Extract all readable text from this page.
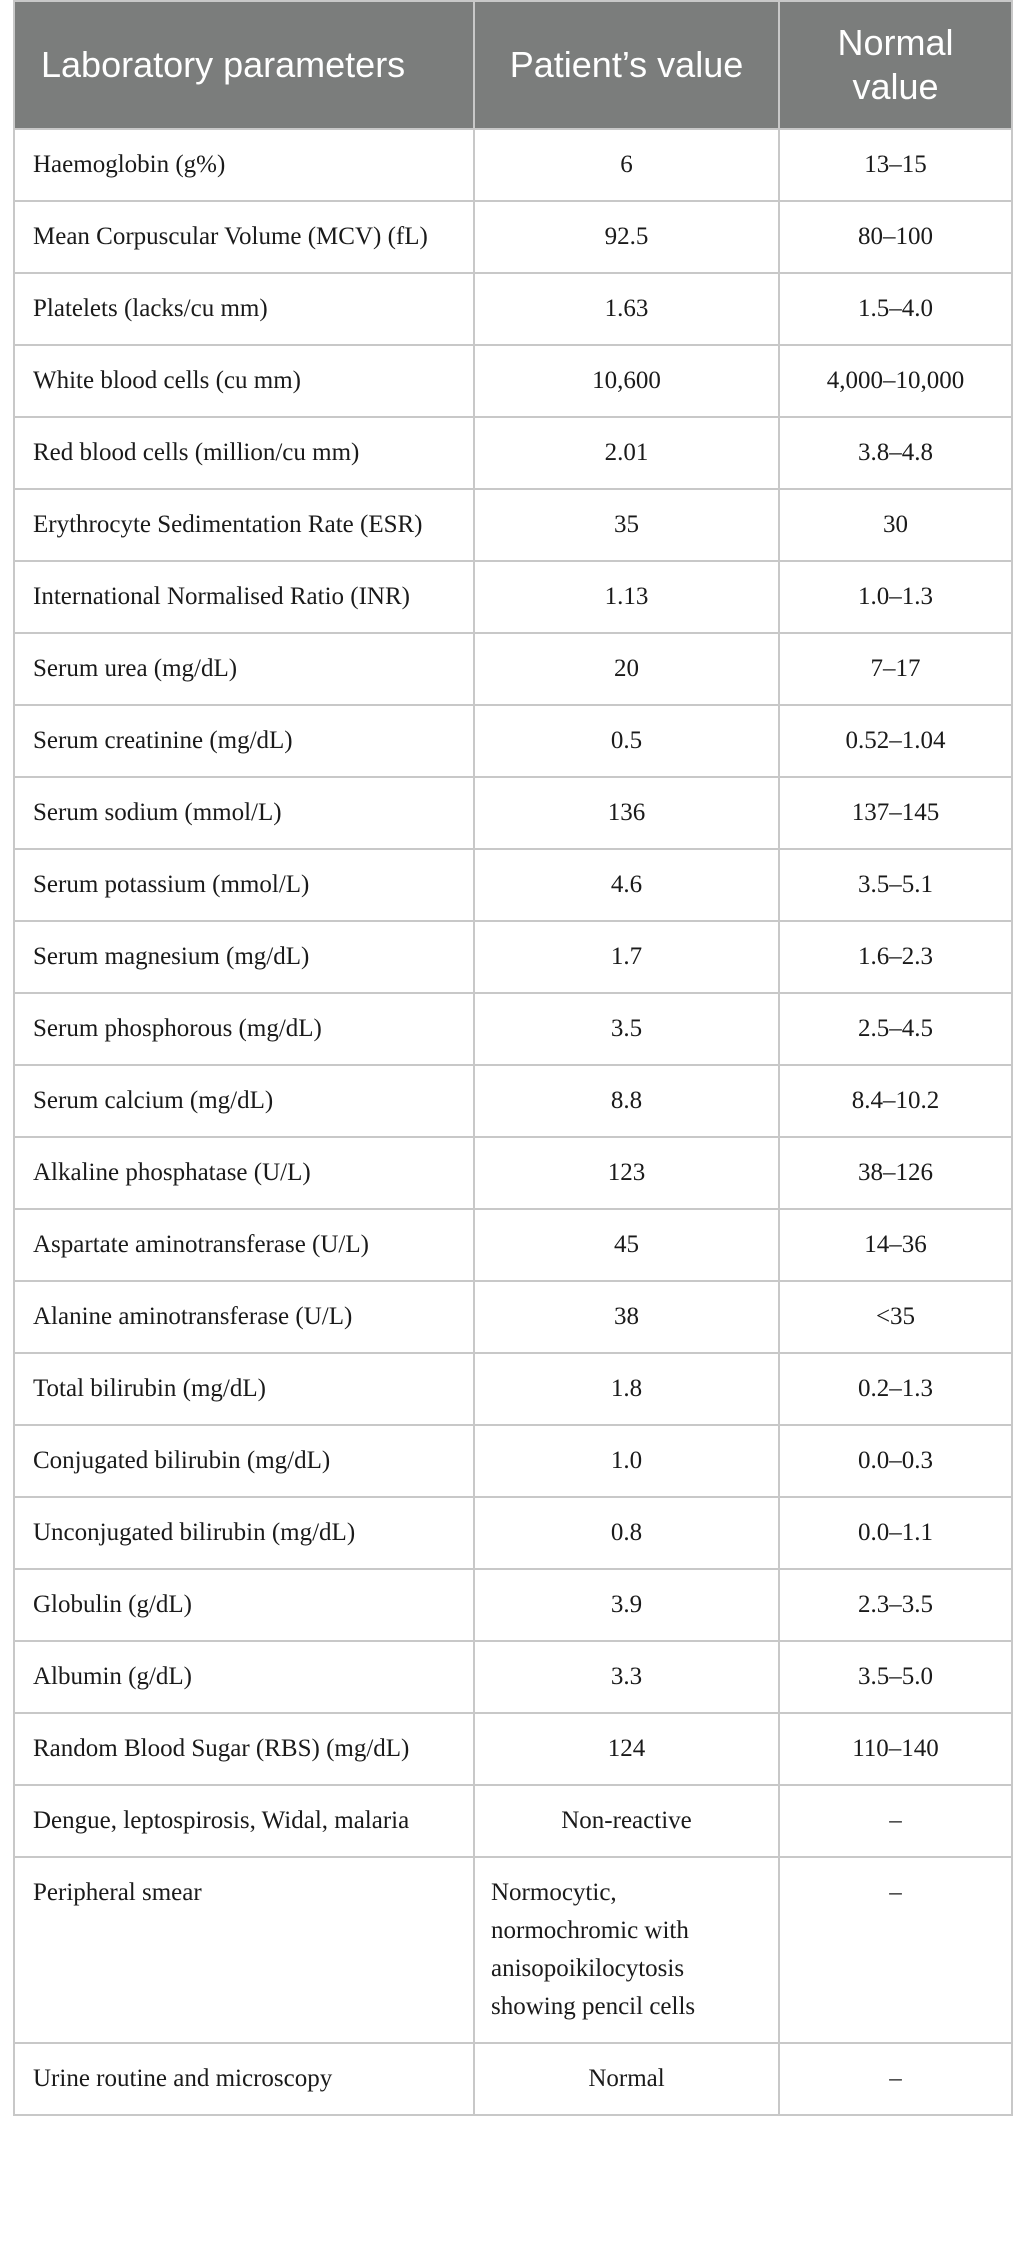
Laboratory parameters	Patient’s value	Normal value
Haemoglobin (g%)	6	13–15
Mean Corpuscular Volume (MCV) (fL)	92.5	80–100
Platelets (lacks/cu mm)	1.63	1.5–4.0
White blood cells (cu mm)	10,600	4,000–10,000
Red blood cells (million/cu mm)	2.01	3.8–4.8
Erythrocyte Sedimentation Rate (ESR)	35	30
International Normalised Ratio (INR)	1.13	1.0–1.3
Serum urea (mg/dL)	20	7–17
Serum creatinine (mg/dL)	0.5	0.52–1.04
Serum sodium (mmol/L)	136	137–145
Serum potassium (mmol/L)	4.6	3.5–5.1
Serum magnesium (mg/dL)	1.7	1.6–2.3
Serum phosphorous (mg/dL)	3.5	2.5–4.5
Serum calcium (mg/dL)	8.8	8.4–10.2
Alkaline phosphatase (U/L)	123	38–126
Aspartate aminotransferase (U/L)	45	14–36
Alanine aminotransferase (U/L)	38	<35
Total bilirubin (mg/dL)	1.8	0.2–1.3
Conjugated bilirubin (mg/dL)	1.0	0.0–0.3
Unconjugated bilirubin (mg/dL)	0.8	0.0–1.1
Globulin (g/dL)	3.9	2.3–3.5
Albumin (g/dL)	3.3	3.5–5.0
Random Blood Sugar (RBS) (mg/dL)	124	110–140
Dengue, leptospirosis, Widal, malaria	Non-reactive	–
Peripheral smear	Normocytic, normochromic with anisopoikilocytosis showing pencil cells	–
Urine routine and microscopy	Normal	–
